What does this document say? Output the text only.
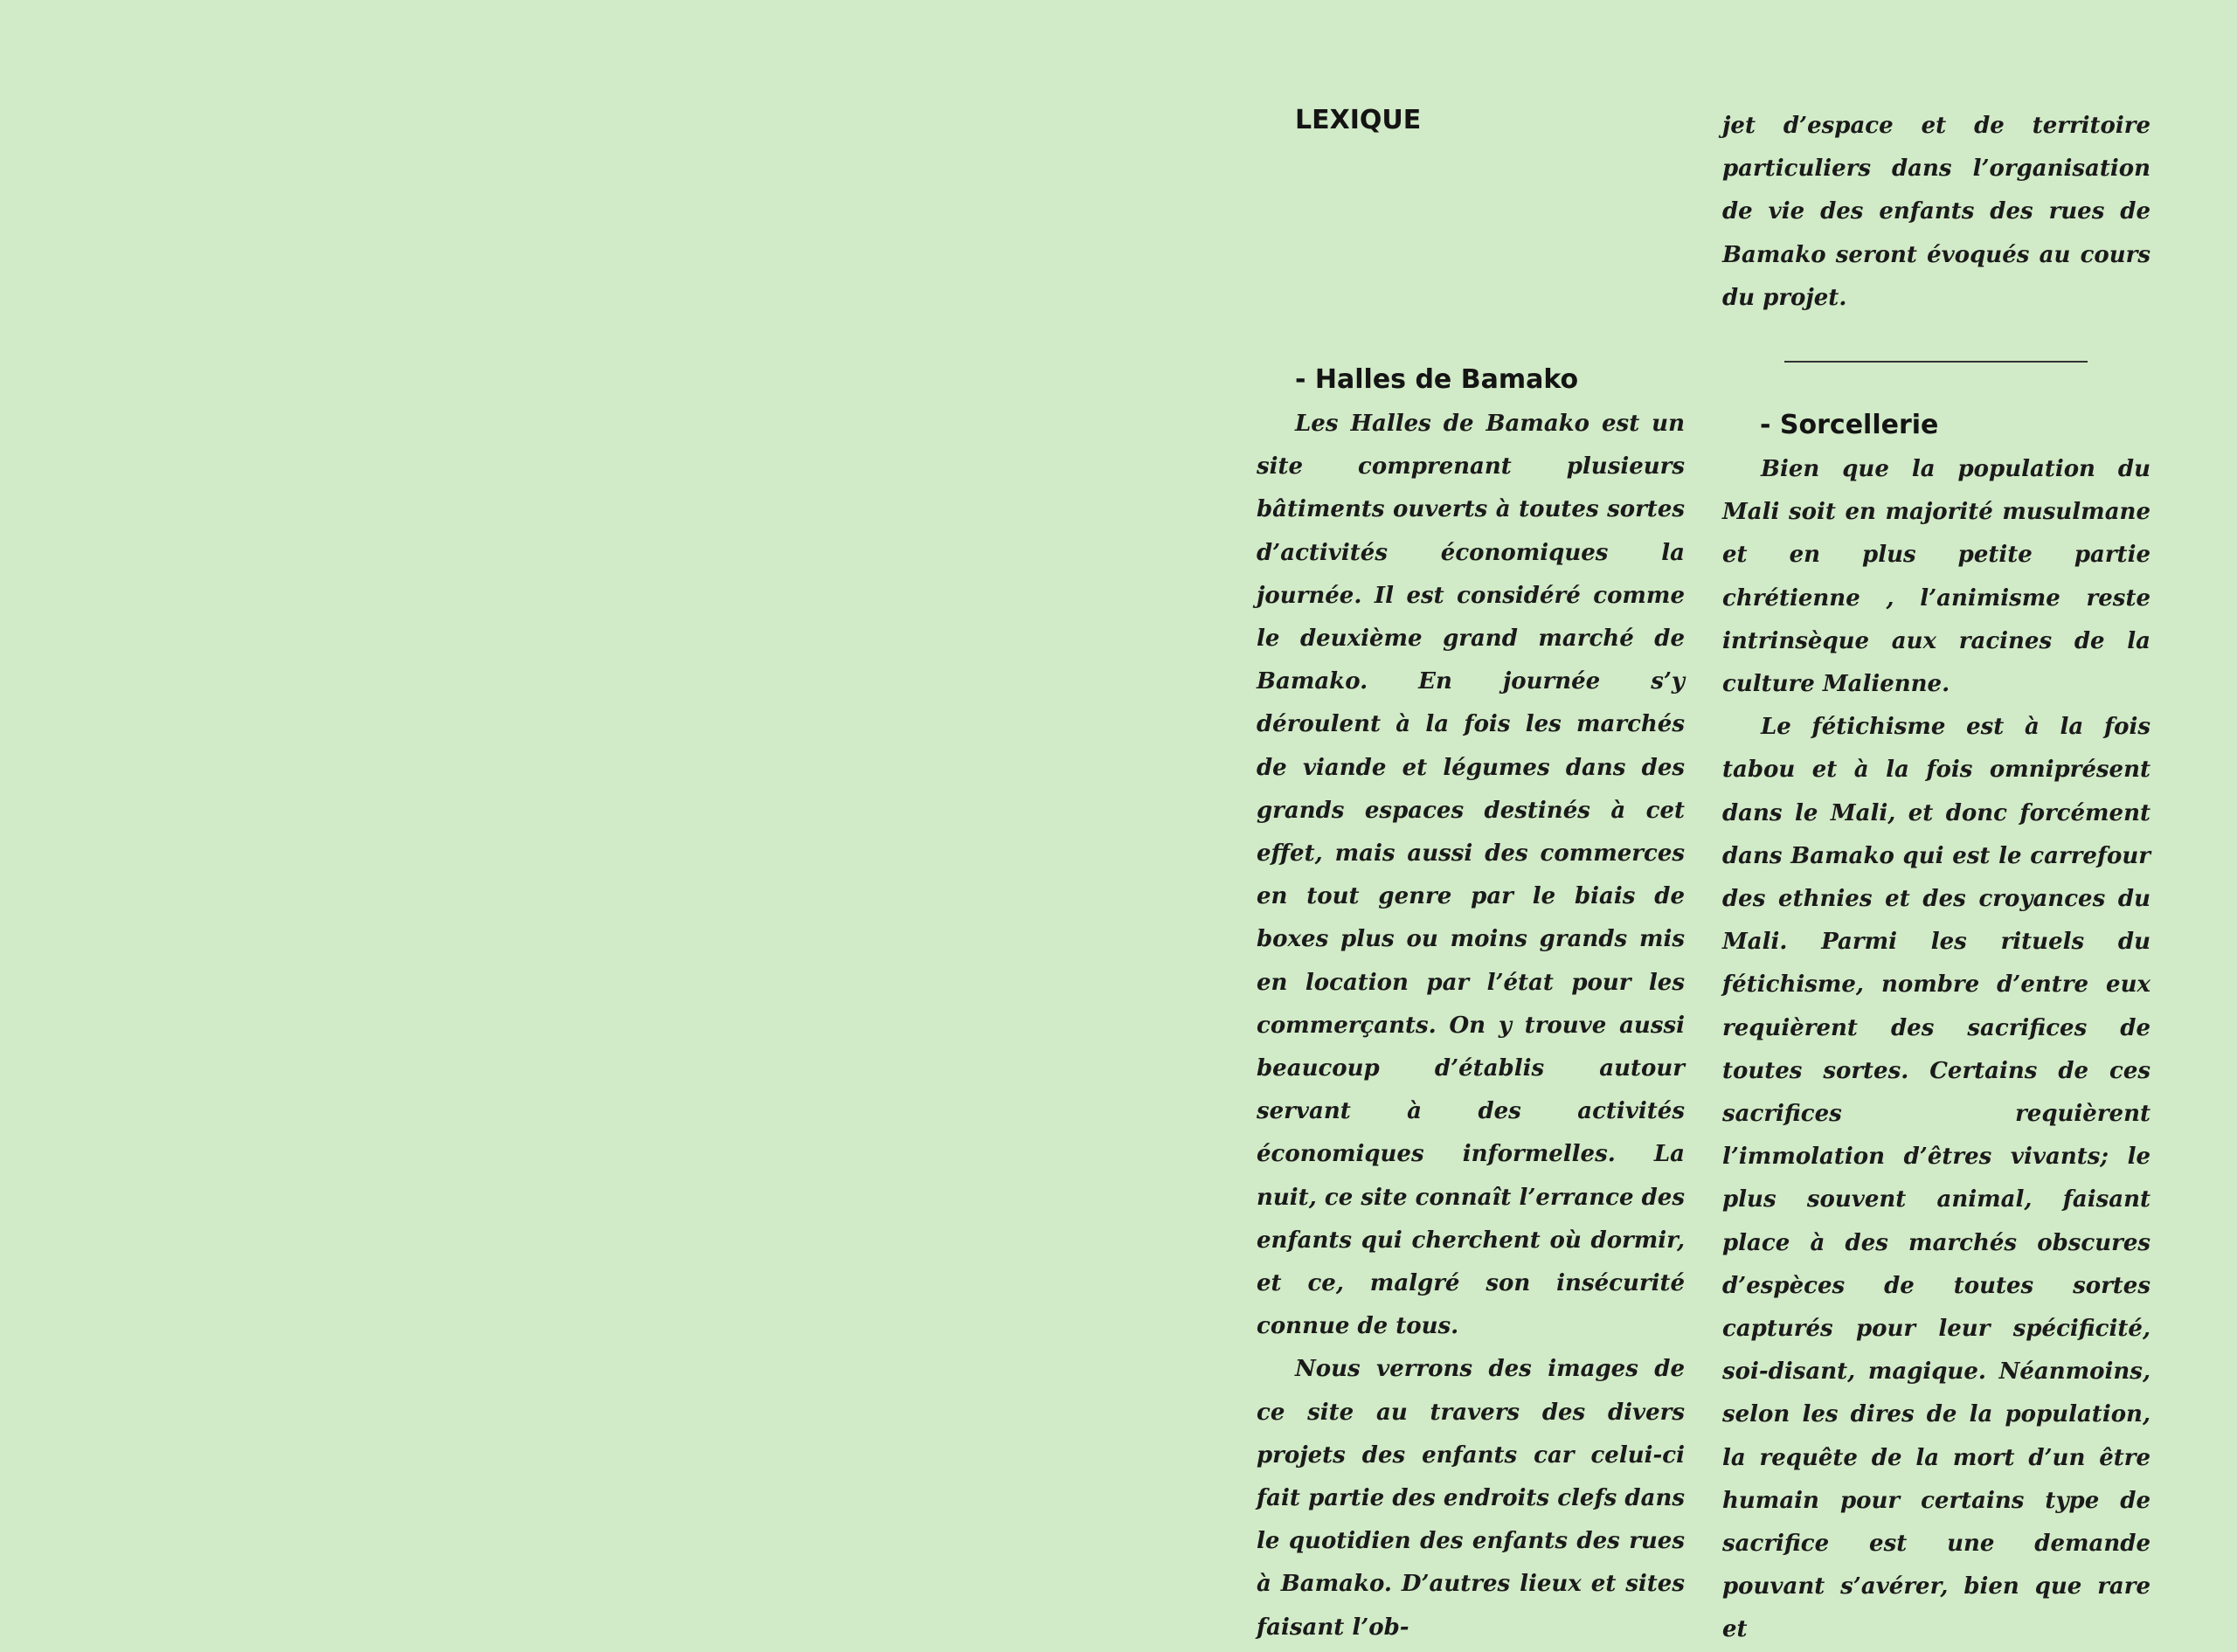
LEXIQUE
- Halles de Bamako

Les Halles de Bamako est un site comprenant plusieurs bâtiments ouverts à toutes sortes d’activités économiques la journée. Il est considéré comme le deuxième grand marché de Bamako. En journée s’y déroulent à la fois les marchés de viande et légumes dans des grands espaces destinés à cet effet, mais aussi des commerces en tout genre par le biais de boxes plus ou moins grands mis en location par l’état pour les commerçants. On y trouve aussi beaucoup d’établis autour servant à des activités économiques informelles. La nuit, ce site connaît l’errance des enfants qui cherchent où dormir, et ce, malgré son insécurité connue de tous.

Nous verrons des images de ce site au travers des divers projets des enfants car celui-ci fait partie des endroits clefs dans le quotidien des enfants des rues à Bamako. D’autres lieux et sites faisant l’ob-

jet d’espace et de territoire particuliers dans l’organisation de vie des enfants des rues de Bamako seront évoqués au cours du projet.

- Sorcellerie

Bien que la population du Mali soit en majorité musulmane et en plus petite partie chrétienne , l’animisme reste intrinsèque aux racines de la culture Malienne.

Le fétichisme est à la fois tabou et à la fois omniprésent dans le Mali, et donc forcément dans Bamako qui est le carrefour des ethnies et des croyances du Mali. Parmi les rituels du fétichisme, nombre d’entre eux requièrent des sacrifices de toutes sortes. Certains de ces sacrifices requièrent l’immolation d’êtres vivants; le plus souvent animal, faisant place à des marchés obscures d’espèces de toutes sortes capturés pour leur spécificité, soi-disant, magique. Néanmoins, selon les dires de la population, la requête de la mort d’un être humain pour certains type de sacrifice est une demande pouvant s’avérer, bien que rare et
